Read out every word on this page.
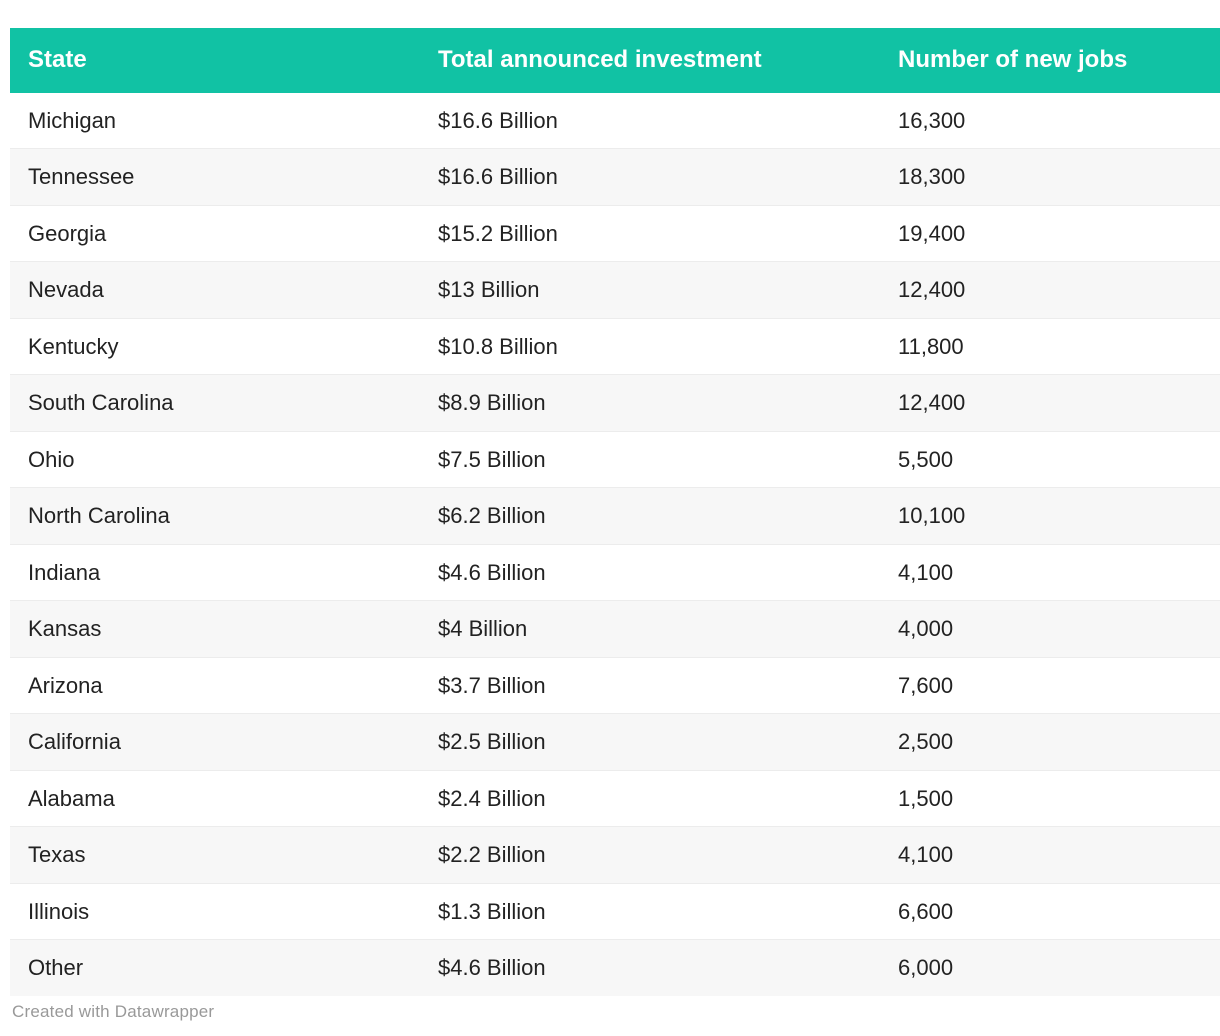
State	Total announced investment	Number of new jobs
Michigan	$16.6 Billion	16,300
Tennessee	$16.6 Billion	18,300
Georgia	$15.2 Billion	19,400
Nevada	$13 Billion	12,400
Kentucky	$10.8 Billion	11,800
South Carolina	$8.9 Billion	12,400
Ohio	$7.5 Billion	5,500
North Carolina	$6.2 Billion	10,100
Indiana	$4.6 Billion	4,100
Kansas	$4 Billion	4,000
Arizona	$3.7 Billion	7,600
California	$2.5 Billion	2,500
Alabama	$2.4 Billion	1,500
Texas	$2.2 Billion	4,100
Illinois	$1.3 Billion	6,600
Other	$4.6 Billion	6,000
Created with Datawrapper
